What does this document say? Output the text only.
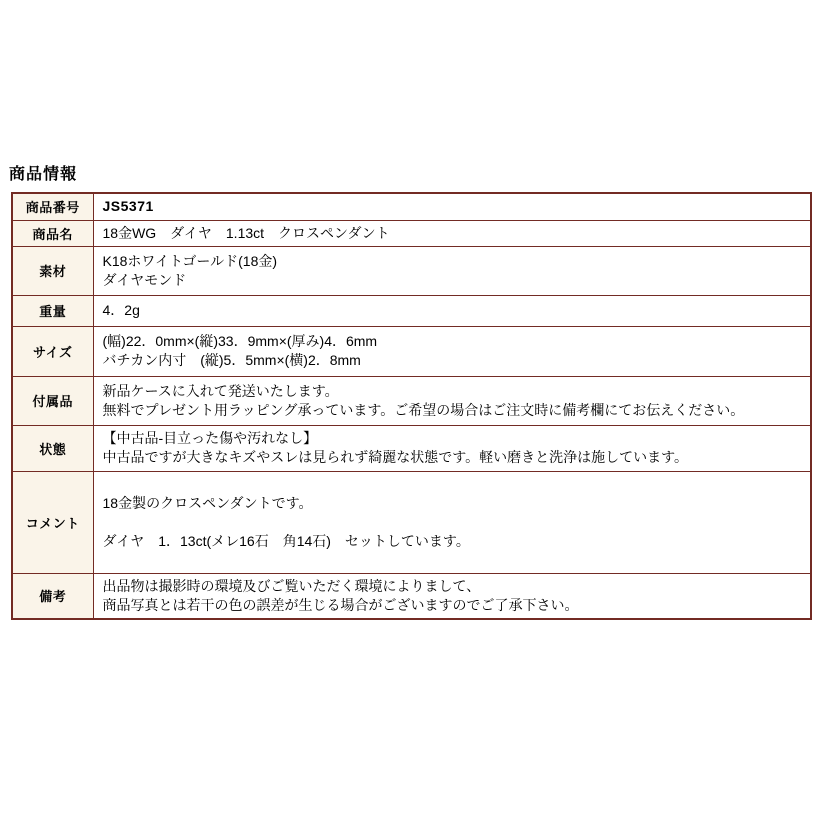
商品情報
商品番号	JS5371
商品名	18金WG　ダイヤ　1.13ct　クロスペンダント
素材	K18ホワイトゴールド(18金)
ダイヤモンド
重量	4．2g
サイズ	(幅)22．0mm×(縦)33．9mm×(厚み)4．6mm
バチカン内寸　(縦)5．5mm×(横)2．8mm
付属品	新品ケースに入れて発送いたします。
無料でプレゼント用ラッピング承っています。ご希望の場合はご注文時に備考欄にてお伝えください。
状態	【中古品-目立った傷や汚れなし】
中古品ですが大きなキズやスレは見られず綺麗な状態です。軽い磨きと洗浄は施しています。
コメント	18金製のクロスペンダントです。

ダイヤ　1．13ct(メレ16石　角14石)　セットしています。
備考	出品物は撮影時の環境及びご覧いただく環境によりまして、
商品写真とは若干の色の誤差が生じる場合がございますのでご了承下さい。
